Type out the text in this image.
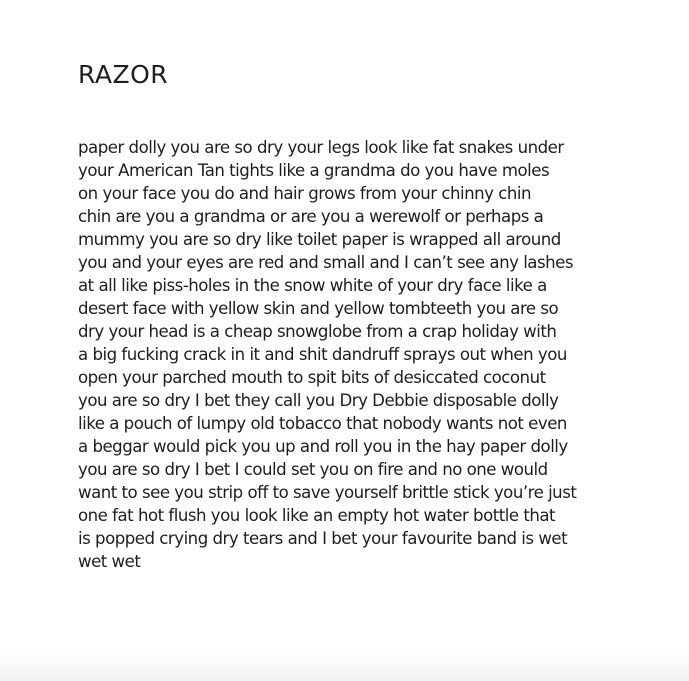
RAZOR
paper dolly you are so dry your legs look like fat snakes under
your American Tan tights like a grandma do you have moles
on your face you do and hair grows from your chinny chin
chin are you a grandma or are you a werewolf or perhaps a
mummy you are so dry like toilet paper is wrapped all around
you and your eyes are red and small and I can’t see any lashes
at all like piss-holes in the snow white of your dry face like a
desert face with yellow skin and yellow tombteeth you are so
dry your head is a cheap snowglobe from a crap holiday with
a big fucking crack in it and shit dandruff sprays out when you
open your parched mouth to spit bits of desiccated coconut
you are so dry I bet they call you Dry Debbie disposable dolly
like a pouch of lumpy old tobacco that nobody wants not even
a beggar would pick you up and roll you in the hay paper dolly
you are so dry I bet I could set you on fire and no one would
want to see you strip off to save yourself brittle stick you’re just
one fat hot flush you look like an empty hot water bottle that
is popped crying dry tears and I bet your favourite band is wet
wet wet
